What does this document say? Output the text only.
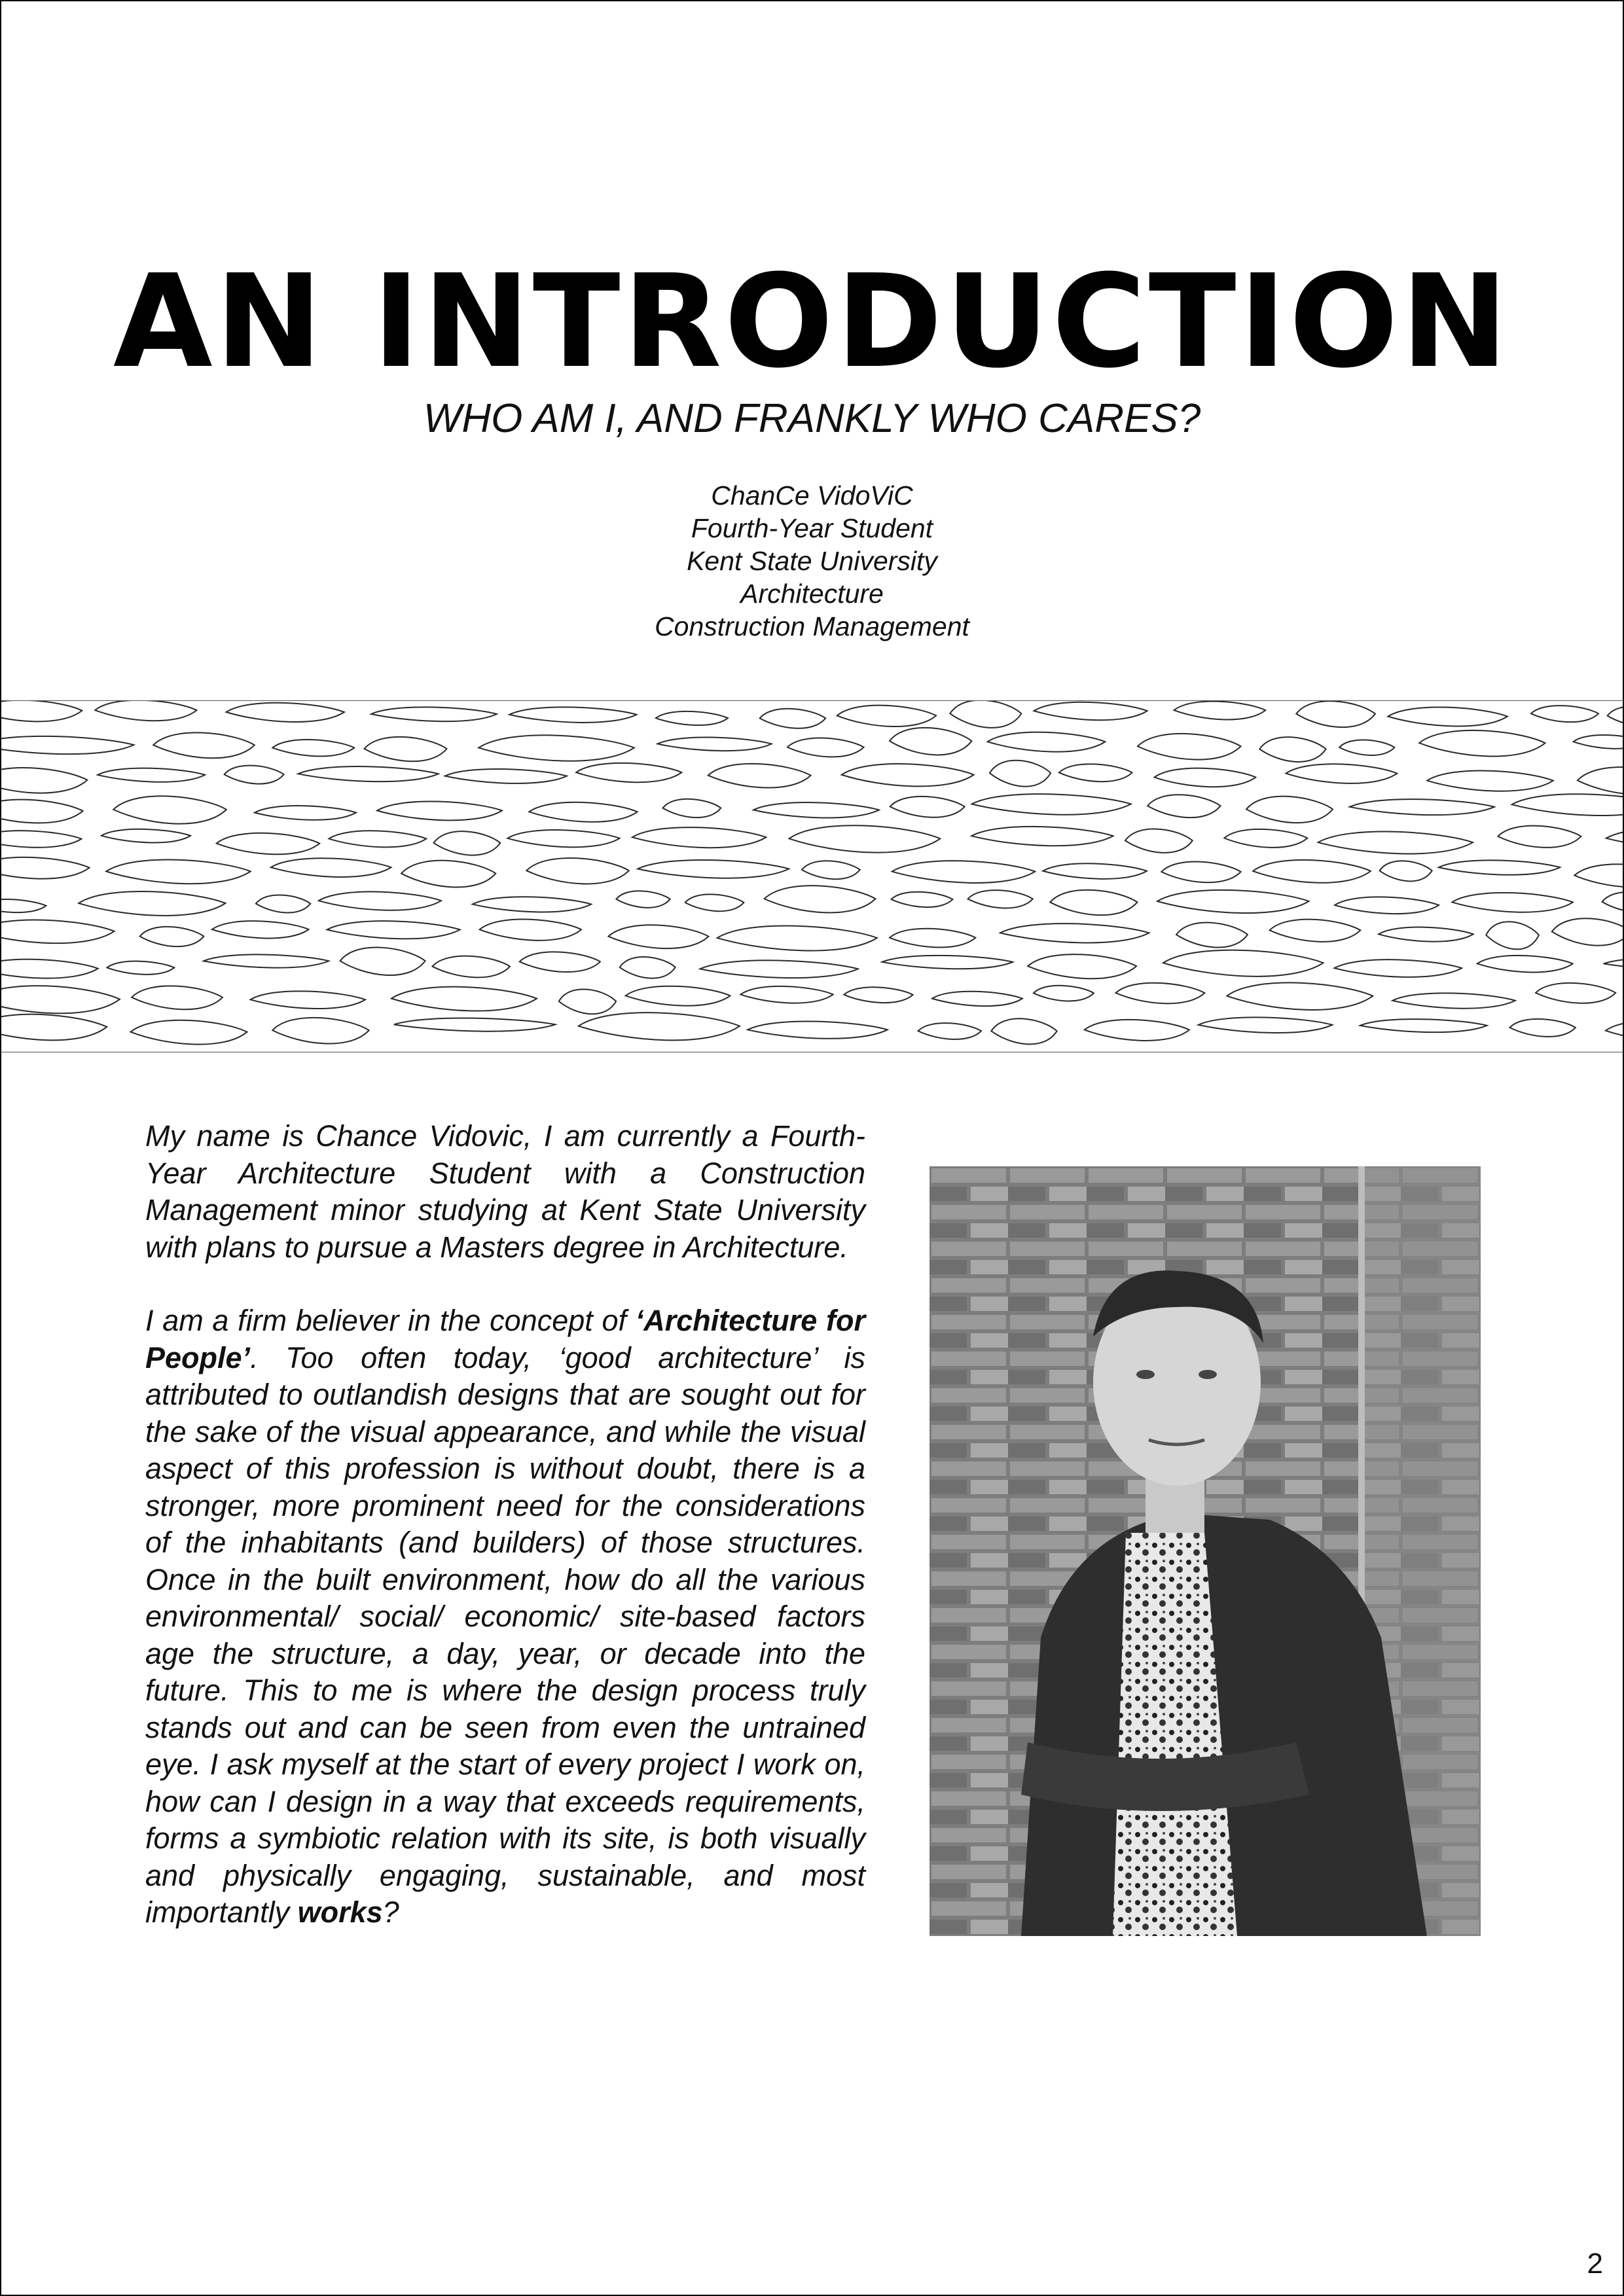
AN INTRODUCTION
WHO AM I, AND FRANKLY WHO CARES?
ChanCe VidoViC
Fourth-Year Student
Kent State University
Architecture
Construction Management

My name is Chance Vidovic, I am currently a Fourth-Year Architecture Student with a Construction Management minor studying at Kent State University with plans to pursue a Masters degree in Architecture.

I am a firm believer in the concept of ‘Architecture for People’. Too often today, ‘good architecture’ is attributed to outlandish designs that are sought out for the sake of the visual appearance, and while the visual aspect of this profession is without doubt, there is a stronger, more prominent need for the considerations of the inhabitants (and builders) of those structures. Once in the built environment, how do all the various environmental/ social/ economic/ site-based factors age the structure, a day, year, or decade into the future. This to me is where the design process truly stands out and can be seen from even the untrained eye. I ask myself at the start of every project I work on, how can I design in a way that exceeds requirements, forms a symbiotic relation with its site, is both visually and physically engaging, sustainable, and most importantly works?

2
